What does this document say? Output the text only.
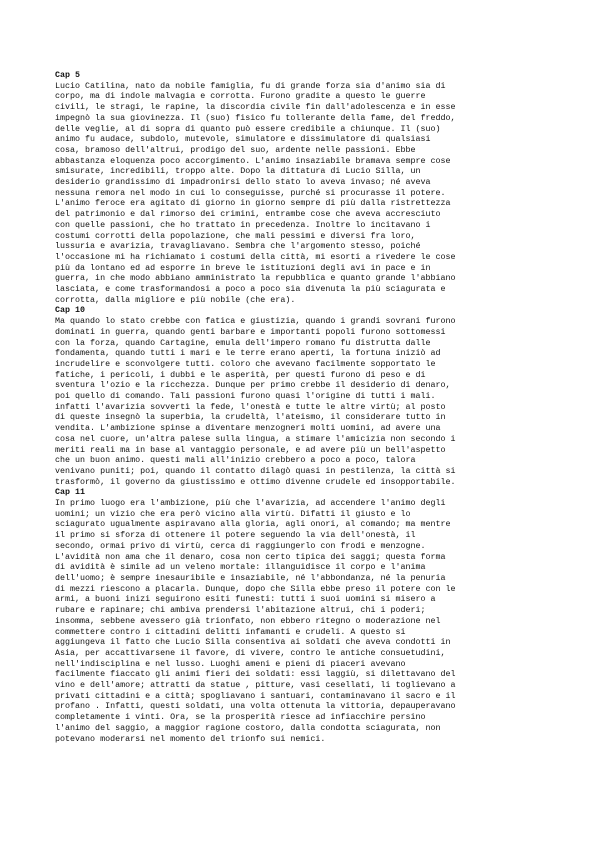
Cap 5
Lucio Catilina, nato da nobile famiglia, fu di grande forza sia d'animo sia di
corpo, ma di indole malvagia e corrotta. Furono gradite a questo le guerre
civili, le stragi, le rapine, la discordia civile fin dall'adolescenza e in esse
impegnò la sua giovinezza. Il (suo) fisico fu tollerante della fame, del freddo,
delle veglie, al di sopra di quanto può essere credibile a chiunque. Il (suo)
animo fu audace, subdolo, mutevole, simulatore e dissimulatore di qualsiasi
cosa, bramoso dell'altrui, prodigo del suo, ardente nelle passioni. Ebbe
abbastanza eloquenza poco accorgimento. L'animo insaziabile bramava sempre cose
smisurate, incredibili, troppo alte. Dopo la dittatura di Lucio Silla, un
desiderio grandissimo di impadronirsi dello stato lo aveva invaso; né aveva
nessuna remora nel modo in cui lo conseguisse, purché si procurasse il potere.
L'animo feroce era agitato di giorno in giorno sempre di più dalla ristrettezza
del patrimonio e dal rimorso dei crimini, entrambe cose che aveva accresciuto
con quelle passioni, che ho trattato in precedenza. Inoltre lo incitavano i
costumi corrotti della popolazione, che mali pessimi e diversi fra loro,
lussuria e avarizia, travagliavano. Sembra che l'argomento stesso, poiché
l'occasione mi ha richiamato i costumi della città, mi esorti a rivedere le cose
più da lontano ed ad esporre in breve le istituzioni degli avi in pace e in
guerra, in che modo abbiano amministrato la repubblica e quanto grande l'abbiano
lasciata, e come trasformandosi a poco a poco sia divenuta la più sciagurata e
corrotta, dalla migliore e più nobile (che era).
Cap 10
Ma quando lo stato crebbe con fatica e giustizia, quando i grandi sovrani furono
dominati in guerra, quando genti barbare e importanti popoli furono sottomessi
con la forza, quando Cartagine, emula dell'impero romano fu distrutta dalle
fondamenta, quando tutti i mari e le terre erano aperti, la fortuna iniziò ad
incrudelire e sconvolgere tutti. coloro che avevano facilmente sopportato le
fatiche, i pericoli, i dubbi e le asperità, per questi furono di peso e di
sventura l'ozio e la ricchezza. Dunque per primo crebbe il desiderio di denaro,
poi quello di comando. Tali passioni furono quasi l'origine di tutti i mali.
infatti l'avarizia sovvertì la fede, l'onestà e tutte le altre virtù; al posto
di queste insegnò la superbia, la crudeltà, l'ateismo, il considerare tutto in
vendita. L'ambizione spinse a diventare menzogneri molti uomini, ad avere una
cosa nel cuore, un'altra palese sulla lingua, a stimare l'amicizia non secondo i
meriti reali ma in base al vantaggio personale, e ad avere più un bell'aspetto
che un buon animo. questi mali all'inizio crebbero a poco a poco, talora
venivano puniti; poi, quando il contatto dilagò quasi in pestilenza, la città si
trasformò, il governo da giustissimo e ottimo divenne crudele ed insopportabile.
Cap 11
In primo luogo era l'ambizione, più che l'avarizia, ad accendere l'animo degli
uomini; un vizio che era però vicino alla virtù. Difatti il giusto e lo
sciagurato ugualmente aspiravano alla gloria, agli onori, al comando; ma mentre
il primo si sforza di ottenere il potere seguendo la via dell'onestà, il
secondo, ormai privo di virtù, cerca di raggiungerlo con frodi e menzogne.
L'avidità non ama che il denaro, cosa non certo tipica dei saggi; questa forma
di avidità è simile ad un veleno mortale: illanguidisce il corpo e l'anima
dell'uomo; è sempre inesauribile e insaziabile, né l'abbondanza, né la penuria
di mezzi riescono a placarla. Dunque, dopo che Silla ebbe preso il potere con le
armi, a buoni inizi seguirono esiti funesti: tutti i suoi uomini si misero a
rubare e rapinare; chi ambiva prendersi l'abitazione altrui, chi i poderi;
insomma, sebbene avessero già trionfato, non ebbero ritegno o moderazione nel
commettere contro i cittadini delitti infamanti e crudeli. A questo si
aggiungeva il fatto che Lucio Silla consentiva ai soldati che aveva condotti in
Asia, per accattivarsene il favore, di vivere, contro le antiche consuetudini,
nell'indisciplina e nel lusso. Luoghi ameni e pieni di piaceri avevano
facilmente fiaccato gli animi fieri dei soldati: essi laggiù, si dilettavano del
vino e dell'amore; attratti da statue , pitture, vasi cesellati, li toglievano a
privati cittadini e a città; spogliavano i santuari, contaminavano il sacro e il
profano . Infatti, questi soldati, una volta ottenuta la vittoria, depauperavano
completamente i vinti. Ora, se la prosperità riesce ad infiacchire persino
l'animo del saggio, a maggior ragione costoro, dalla condotta sciagurata, non
potevano moderarsi nel momento del trionfo sui nemici.
